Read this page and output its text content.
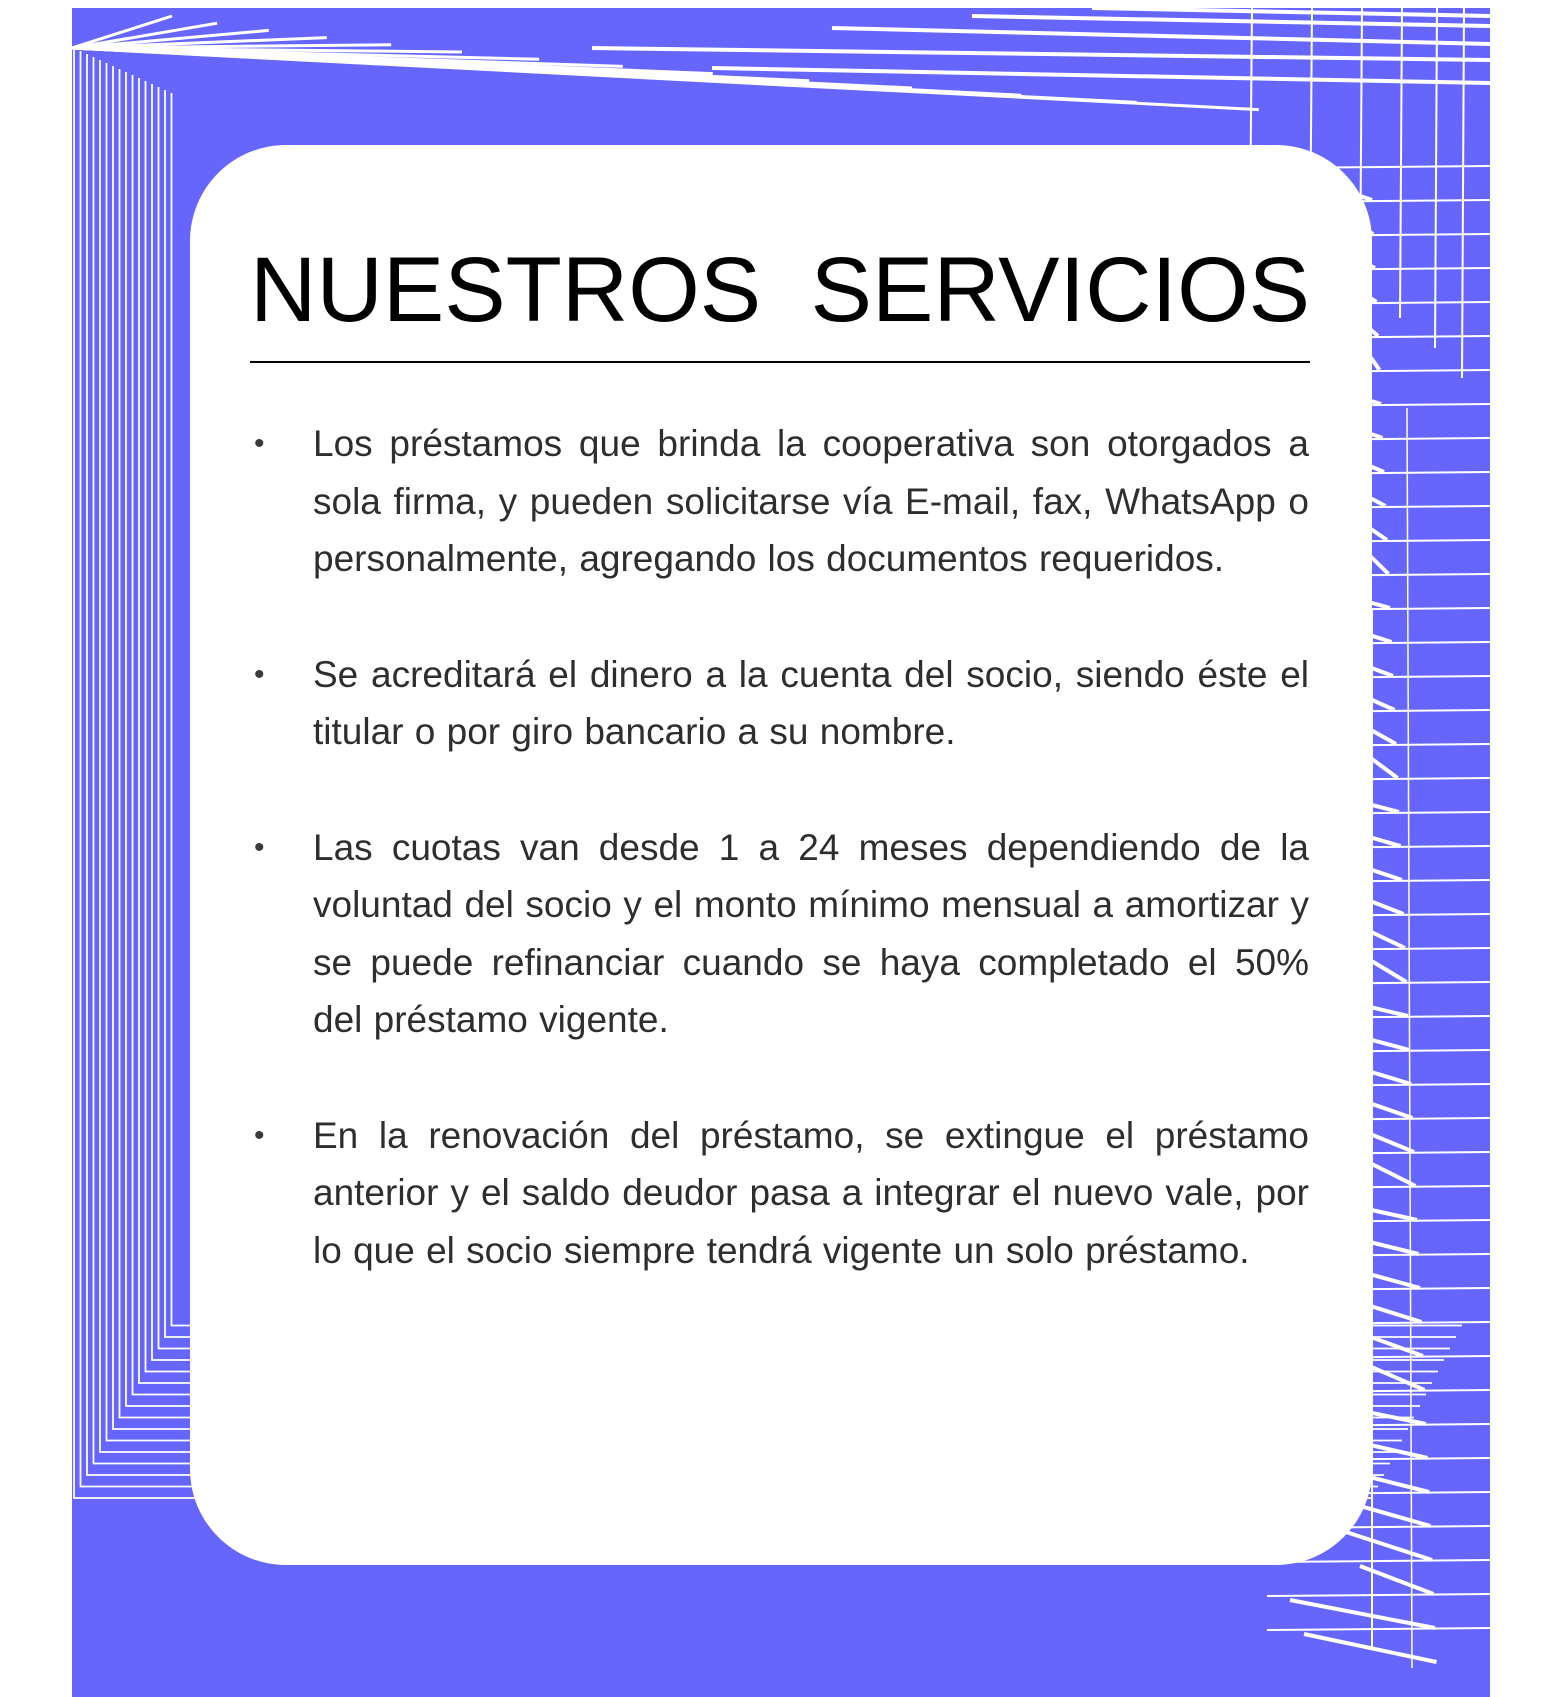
NUESTROS SERVICIOS
• Los préstamos que brinda la cooperativa son otorgados a sola firma, y pueden solicitarse vía E-mail, fax, WhatsApp o personalmente, agregando los documentos requeridos.
• Se acreditará el dinero a la cuenta del socio, siendo éste el titular o por giro bancario a su nombre.
• Las cuotas van desde 1 a 24 meses dependiendo de la voluntad del socio y el monto mínimo mensual a amortizar y se puede refinanciar cuando se haya completado el 50% del préstamo vigente.
• En la renovación del préstamo, se extingue el préstamo anterior y el saldo deudor pasa a integrar el nuevo vale, por lo que el socio siempre tendrá vigente un solo préstamo.
